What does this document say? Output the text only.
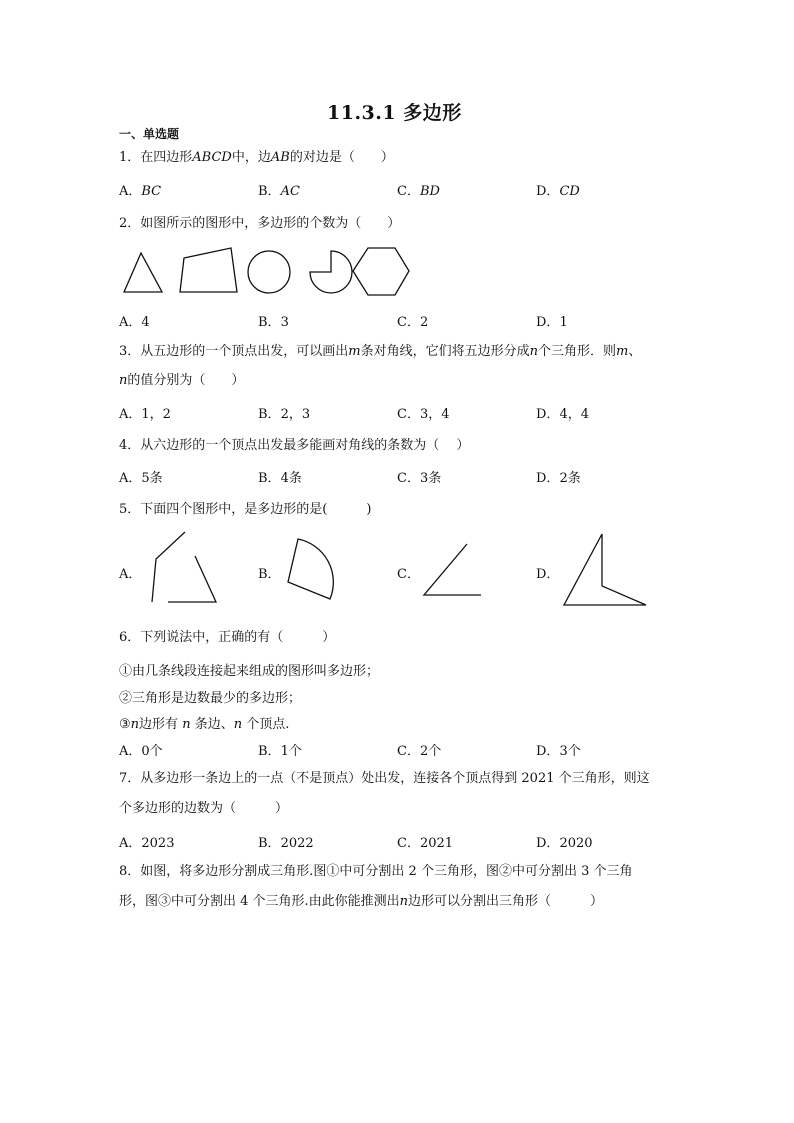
11.3.1 多边形
一、单选题
1．在四边形ABCD中，边AB的对边是（　　）
A．BC	B．AC	C．BD	D．CD
2．如图所示的图形中，多边形的个数为（　　）
A．4	B．3	C．2	D．1
3．从五边形的一个顶点出发，可以画出m条对角线，它们将五边形分成n个三角形．则m、
n的值分别为（　　）
A．1，2	B．2，3	C．3，4	D．4，4
4．从六边形的一个顶点出发最多能画对角线的条数为（　 ）
A．5条	B．4条	C．3条	D．2条
5．下面四个图形中，是多边形的是(　　　)
A．	B．	C．	D．
6．下列说法中，正确的有（　　　）
①由几条线段连接起来组成的图形叫多边形；
②三角形是边数最少的多边形；
③n边形有 n 条边、n 个顶点.
A．0个	B．1个	C．2个	D．3个
7．从多边形一条边上的一点（不是顶点）处出发，连接各个顶点得到 2021 个三角形，则这
个多边形的边数为（　　　）
A．2023	B．2022	C．2021	D．2020
8．如图，将多边形分割成三角形.图①中可分割出 2 个三角形，图②中可分割出 3 个三角
形，图③中可分割出 4 个三角形.由此你能推测出n边形可以分割出三角形（　　　）
